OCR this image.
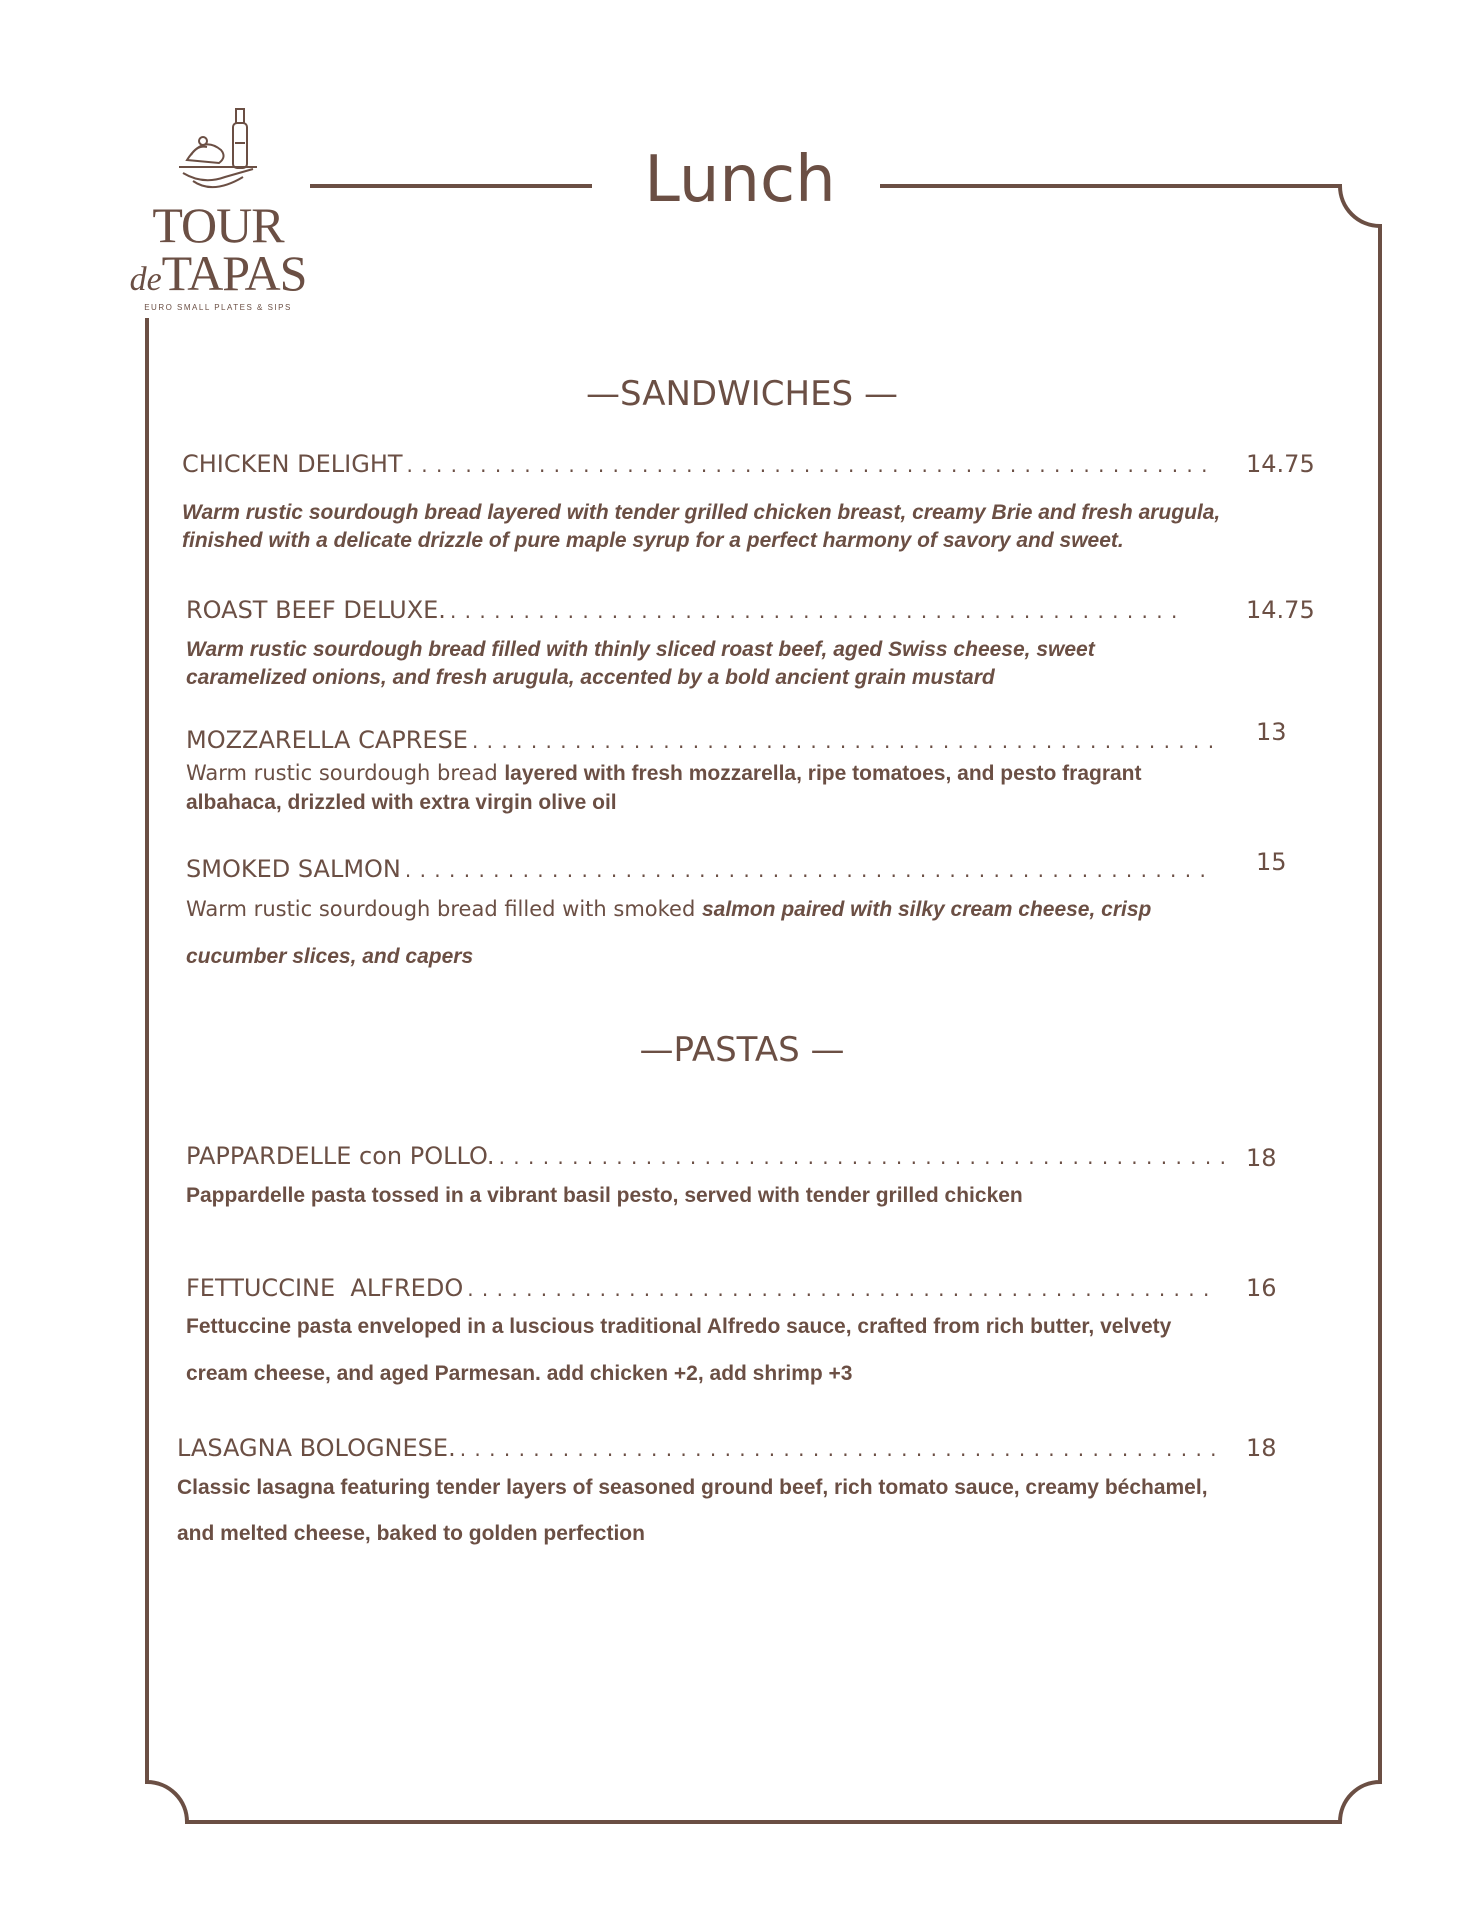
TOUR
deTAPAS
EURO SMALL PLATES & SIPS
Lunch
—SANDWICHES —
CHICKEN DELIGHT . . .	14.75
Warm rustic sourdough bread layered with tender grilled chicken breast, creamy Brie and fresh arugula, finished with a delicate drizzle of pure maple syrup for a perfect harmony of savory and sweet.
ROAST BEEF DELUXE. . . .	14.75
Warm rustic sourdough bread filled with thinly sliced roast beef, aged Swiss cheese, sweet caramelized onions, and fresh arugula, accented by a bold ancient grain mustard
MOZZARELLA CAPRESE . . .	13
Warm rustic sourdough bread layered with fresh mozzarella, ripe tomatoes, and pesto fragrant
albahaca, drizzled with extra virgin olive oil
SMOKED SALMON . . .	15
Warm rustic sourdough bread filled with smoked salmon paired with silky cream cheese, crisp
cucumber slices, and capers
—PASTAS —
PAPPARDELLE con POLLO. . . .	18
Pappardelle pasta tossed in a vibrant basil pesto, served with tender grilled chicken
FETTUCCINE  ALFREDO . . .	16
Fettuccine pasta enveloped in a luscious traditional Alfredo sauce, crafted from rich butter, velvety
cream cheese, and aged Parmesan. add chicken +2, add shrimp +3
LASAGNA BOLOGNESE. . . .	18
Classic lasagna featuring tender layers of seasoned ground beef, rich tomato sauce, creamy béchamel,
and melted cheese, baked to golden perfection
